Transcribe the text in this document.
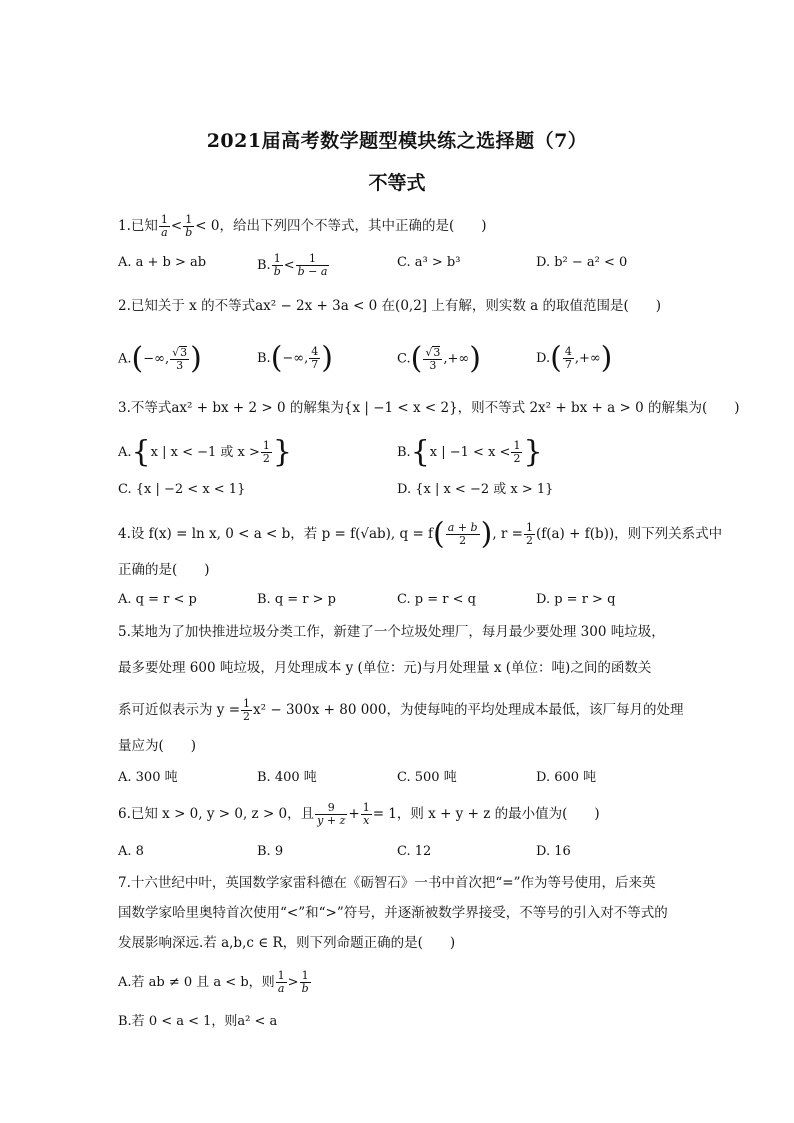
2021届高考数学题型模块练之选择题（7）
不等式
1.已知 $\frac{1}{a} < \frac{1}{b} < 0$，给出下列四个不等式，其中正确的是(　　)
A. a + b > ab	B. $\frac{1}{b} < \frac{1}{b - a}$	C. a³ > b³	D. b² − a² < 0
2.已知关于 x 的不等式ax² − 2x + 3a < 0 在(0,2] 上有解，则实数 a 的取值范围是(　　)
A.(−∞, $\frac{√3}{3}$ )	B.(−∞, $\frac{4}{7}$ )	$C.( \frac{√3}{3}$ ,+∞)	$D.( \frac{4}{7}$ ,+∞)
3.不等式ax² + bx + 2 > 0 的解集为{x | −1 < x < 2}，则不等式 2x² + bx + a > 0 的解集为(　　)
A.{x | x < −1 或 $x > \frac{1}{2}$ }	B.{x | $-1 < x < \frac{1}{2}$ }
C. {x | −2 < x < 1}	D. {x | x < −2 或 x > 1}
4.设 f(x) = ln x, 0 < a < b，若 p = f(√ab), $q = f( \frac{a + b}{2}$ ), $r = \frac{1}{2} (f(a) + f(b))$，则下列关系式中
正确的是(　　)
A. q = r < p	B. q = r > p	C. p = r < q	D. p = r > q
5.某地为了加快推进垃圾分类工作，新建了一个垃圾处理厂，每月最少要处理 300 吨垃圾，
最多要处理 600 吨垃圾，月处理成本 y (单位：元)与月处理量 x (单位：吨)之间的函数关
系可近似表示为 $y = \frac{1}{2} x^2 - 300x + 80$ 000，为使每吨的平均处理成本最低，该厂每月的处理
量应为(　　)
A. 300 吨	B. 400 吨	C. 500 吨	D. 600 吨
6.已知 x > 0, y > 0, z > 0，且 $\frac{9}{y + z} + \frac{1}{x} = 1$，则 x + y + z 的最小值为(　　)
A. 8	B. 9	C. 12	D. 16
7.十六世纪中叶，英国数学家雷科德在《砺智石》一书中首次把“=”作为等号使用，后来英
国数学家哈里奥特首次使用“<”和“>”符号，并逐渐被数学界接受，不等号的引入对不等式的
发展影响深远.若 a,b,c ∈ R，则下列命题正确的是(　　)
A.若 ab ≠ 0 且 a < b，则 $\frac{1}{a} > \frac{1}{b}$
B.若 0 < a < 1，则a² < a
